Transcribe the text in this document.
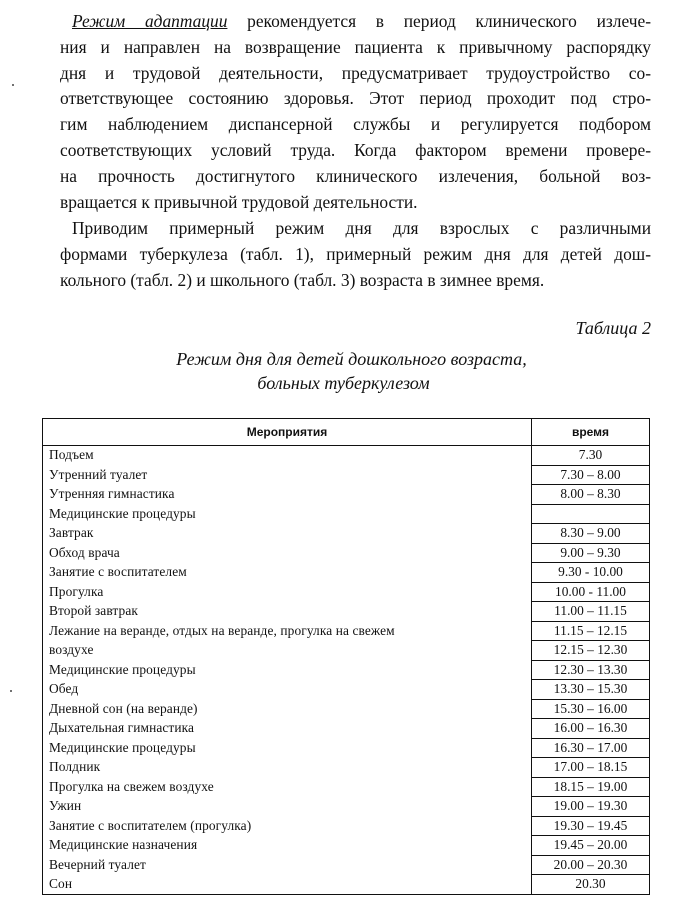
Режим адаптации рекомендуется в период клинического излече-
ния и направлен на возвращение пациента к привычному распорядку
дня и трудовой деятельности, предусматривает трудоустройство со-
ответствующее состоянию здоровья. Этот период проходит под стро-
гим наблюдением диспансерной службы и регулируется подбором
соответствующих условий труда. Когда фактором времени провере-
на прочность достигнутого клинического излечения, больной воз-
вращается к привычной трудовой деятельности.

Приводим примерный режим дня для взрослых с различными
формами туберкулеза (табл. 1), примерный режим дня для детей дош-
кольного (табл. 2) и школьного (табл. 3) возраста в зимнее время.

Таблица 2
Режим дня для детей дошкольного возраста,
больных туберкулезом
Мероприятия	время
Подъем	7.30
Утренний туалет	7.30 – 8.00
Утренняя гимнастика	8.00 – 8.30
Медицинские процедуры	
Завтрак	8.30 – 9.00
Обход врача	9.00 – 9.30
Занятие с воспитателем	9.30 - 10.00
Прогулка	10.00 - 11.00
Второй завтрак	11.00 – 11.15
Лежание на веранде, отдых на веранде, прогулка на свежем	11.15 – 12.15
воздухе	12.15 – 12.30
Медицинские процедуры	12.30 – 13.30
Обед	13.30 – 15.30
Дневной сон (на веранде)	15.30 – 16.00
Дыхательная гимнастика	16.00 – 16.30
Медицинские процедуры	16.30 – 17.00
Полдник	17.00 – 18.15
Прогулка на свежем воздухе	18.15 – 19.00
Ужин	19.00 – 19.30
Занятие с воспитателем (прогулка)	19.30 – 19.45
Медицинские назначения	19.45 – 20.00
Вечерний туалет	20.00 – 20.30
Сон	20.30
